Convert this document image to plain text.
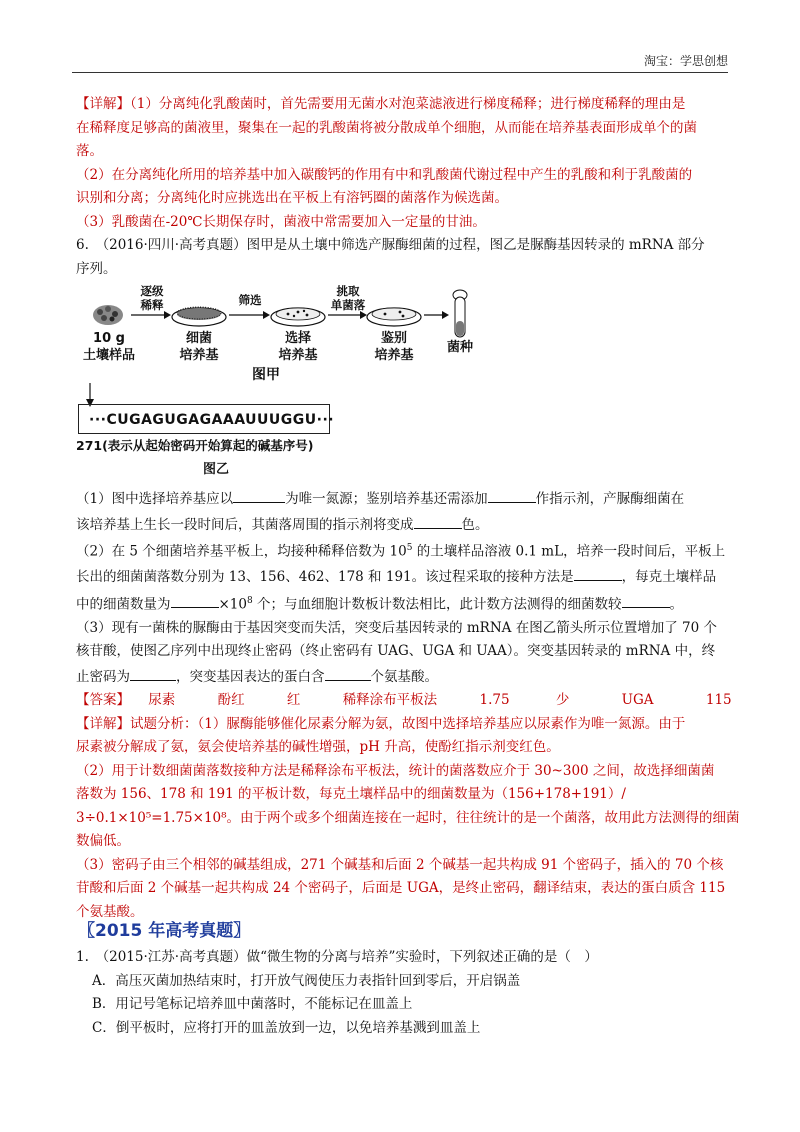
淘宝：学思创想
【详解】（1）分离纯化乳酸菌时，首先需要用无菌水对泡菜滤液进行梯度稀释；进行梯度稀释的理由是
在稀释度足够高的菌液里，聚集在一起的乳酸菌将被分散成单个细胞，从而能在培养基表面形成单个的菌
落。
（2）在分离纯化所用的培养基中加入碳酸钙的作用有中和乳酸菌代谢过程中产生的乳酸和利于乳酸菌的
识别和分离；分离纯化时应挑选出在平板上有溶钙圈的菌落作为候选菌。
（3）乳酸菌在-20℃长期保存时，菌液中常需要加入一定量的甘油。
6.　（2016·四川·高考真题）图甲是从土壤中筛选产脲酶细菌的过程，图乙是脲酶基因转录的 mRNA 部分
序列。
逐级
稀释	筛选
挑取
单菌落
10 g
土壤样品
细菌
培养基
选择
培养基
鉴别
培养基
菌种
图甲
···CUGAGUGAGAAAUUUGGU···
271(表示从起始密码开始算起的碱基序号)
图乙
（1）图中选择培养基应以	为唯一氮源；鉴别培养基还需添加	作指示剂，产脲酶细菌在
该培养基上生长一段时间后，其菌落周围的指示剂将变成	色。
（2）在 5 个细菌培养基平板上，均接种稀释倍数为 $10^5$ 的土壤样品溶液 0.1 mL，培养一段时间后，平板上
长出的细菌菌落数分别为 13、156、462、178 和 191。该过程采取的接种方法是	，每克土壤样品
中的细菌数量为	$\times 10^8$ 个；与血细胞计数板计数法相比，此计数方法测得的细菌数较	。
（3）现有一菌株的脲酶由于基因突变而失活，突变后基因转录的 mRNA 在图乙箭头所示位置增加了 70 个
核苷酸，使图乙序列中出现终止密码（终止密码有 UAG、UGA 和 UAA）。突变基因转录的 mRNA 中，终
止密码为	，突变基因表达的蛋白含	个氨基酸。
【答案】 尿素	酚红	红	稀释涂布平板法	1.75	少	UGA	115
【详解】试题分析：（1）脲酶能够催化尿素分解为氨，故图中选择培养基应以尿素作为唯一氮源。由于
尿素被分解成了氨，氨会使培养基的碱性增强，pH 升高，使酚红指示剂变红色。
（2）用于计数细菌菌落数接种方法是稀释涂布平板法，统计的菌落数应介于 30~300 之间，故选择细菌菌
落数为 156、178 和 191 的平板计数，每克土壤样品中的细菌数量为（156+178+191）/
3÷0.1×10⁵=1.75×10⁸。由于两个或多个细菌连接在一起时，往往统计的是一个菌落，故用此方法测得的细菌
数偏低。
（3）密码子由三个相邻的碱基组成，271 个碱基和后面 2 个碱基一起共构成 91 个密码子，插入的 70 个核
苷酸和后面 2 个碱基一起共构成 24 个密码子，后面是 UGA，是终止密码，翻译结束，表达的蛋白质含 115
个氨基酸。
〖2015 年高考真题〗
1.　（2015·江苏·高考真题）做“微生物的分离与培养”实验时，下列叙述正确的是（　）
A．高压灭菌加热结束时，打开放气阀使压力表指针回到零后，开启锅盖
B．用记号笔标记培养皿中菌落时，不能标记在皿盖上
C．倒平板时，应将打开的皿盖放到一边，以免培养基溅到皿盖上
